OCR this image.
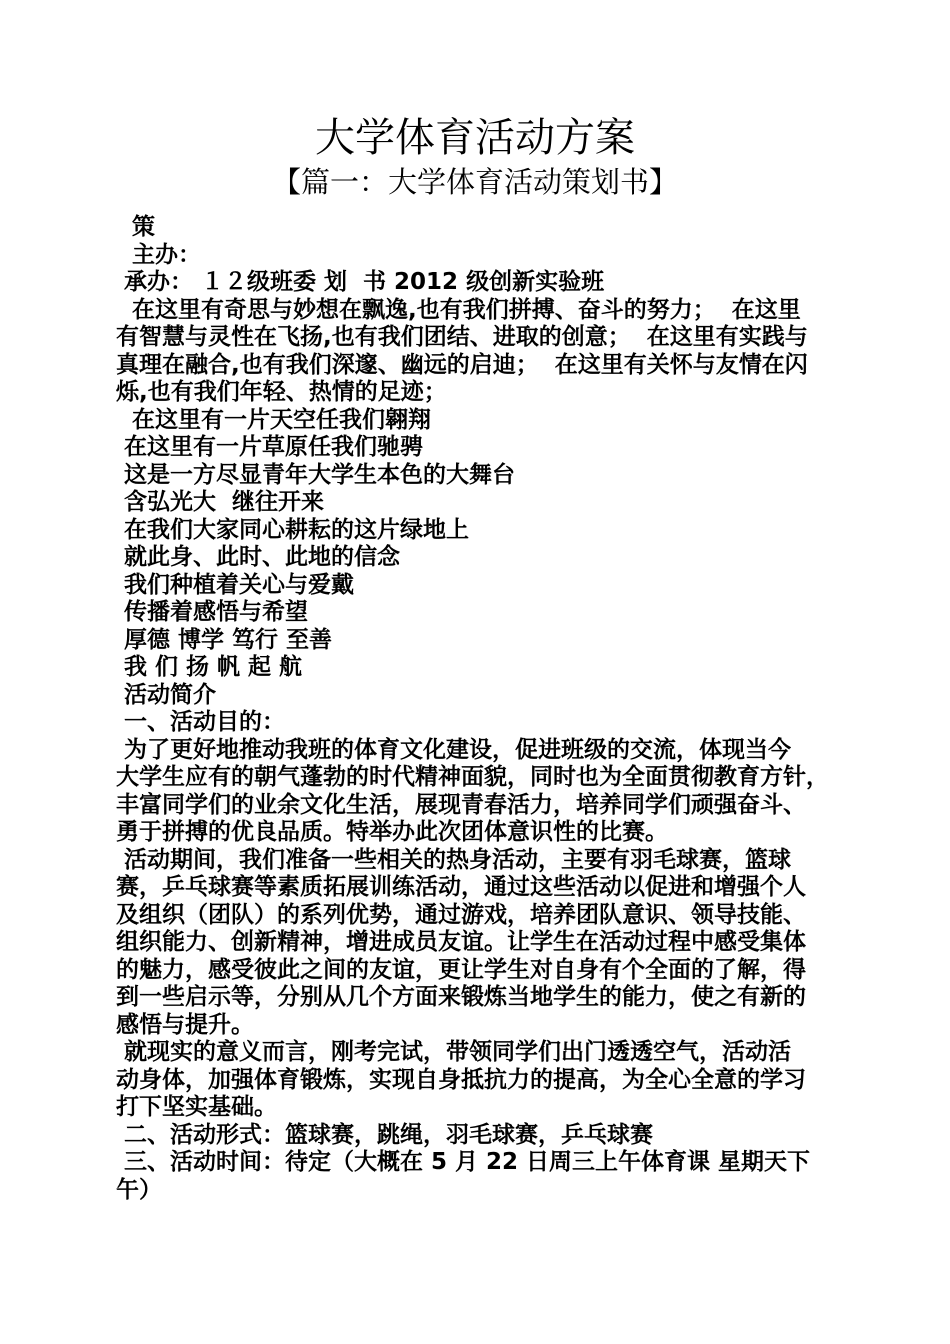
大学体育活动方案
【篇一：大学体育活动策划书】

策

主办：

承办： １２级班委 划  书 2012 级创新实验班

在这里有奇思与妙想在飘逸,也有我们拼搏、奋斗的努力；  在这里

有智慧与灵性在飞扬,也有我们团结、进取的创意；  在这里有实践与

真理在融合,也有我们深邃、幽远的启迪；  在这里有关怀与友情在闪

烁,也有我们年轻、热情的足迹；

在这里有一片天空任我们翱翔

在这里有一片草原任我们驰骋

这是一方尽显青年大学生本色的大舞台

含弘光大  继往开来

在我们大家同心耕耘的这片绿地上

就此身、此时、此地的信念

我们种植着关心与爱戴

传播着感悟与希望

厚德 博学 笃行 至善

我 们 扬 帆 起 航

活动简介

一、活动目的：

为了更好地推动我班的体育文化建设，促进班级的交流，体现当今

大学生应有的朝气蓬勃的时代精神面貌，同时也为全面贯彻教育方针，

丰富同学们的业余文化生活，展现青春活力，培养同学们顽强奋斗、

勇于拼搏的优良品质。特举办此次团体意识性的比赛。

活动期间，我们准备一些相关的热身活动，主要有羽毛球赛，篮球

赛，乒乓球赛等素质拓展训练活动，通过这些活动以促进和增强个人

及组织（团队）的系列优势，通过游戏，培养团队意识、领导技能、

组织能力、创新精神，增进成员友谊。让学生在活动过程中感受集体

的魅力，感受彼此之间的友谊，更让学生对自身有个全面的了解，得

到一些启示等，分别从几个方面来锻炼当地学生的能力，使之有新的

感悟与提升。

就现实的意义而言，刚考完试，带领同学们出门透透空气，活动活

动身体，加强体育锻炼，实现自身抵抗力的提高，为全心全意的学习

打下坚实基础。

二、活动形式：篮球赛，跳绳，羽毛球赛，乒乓球赛

三、活动时间：待定（大概在 5 月 22 日周三上午体育课 星期天下

午）
